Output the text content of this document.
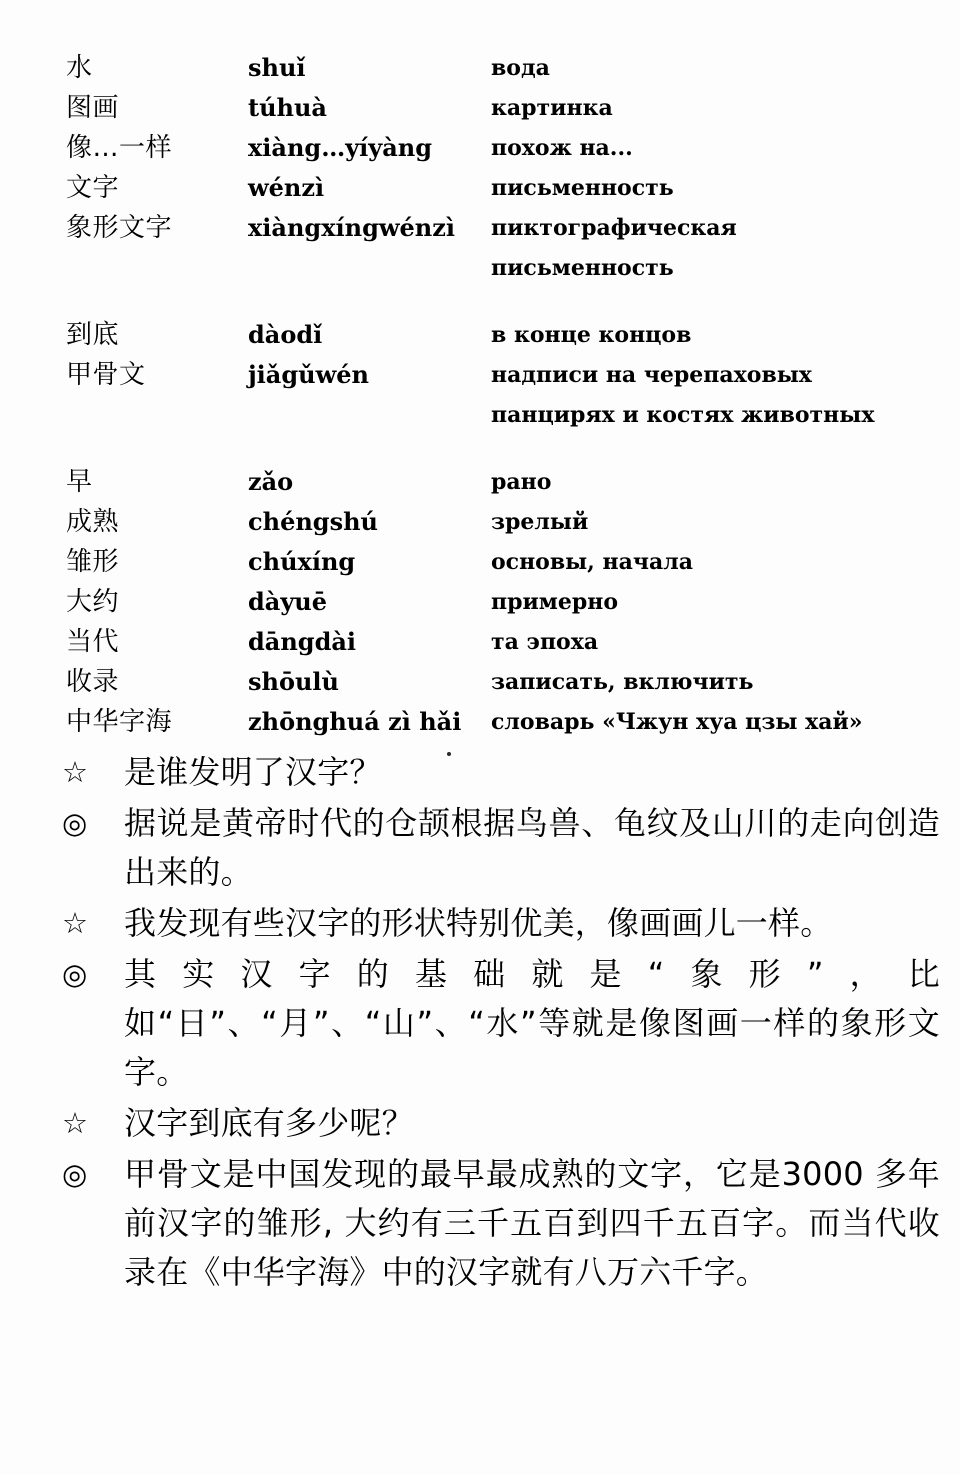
水	shuǐ	вода
图画	túhuà	картинка
像…一样	xiàng…yíyàng	похож на...
文字	wénzì	письменность
象形文字	xiàngxíngwénzì	пиктографическая
письменность
到底	dàodǐ	в конце концов
甲骨文	jiǎgǔwén	надписи на черепаховых
панцирях и костях животных
早	zǎo	рано
成熟	chéngshú	зрелый
雏形	chúxíng	основы, начала
大约	dàyuē	примерно
当代	dāngdài	та эпоха
收录	shōulù	записать, включить
中华字海	zhōnghuá zì hǎi	словарь «Чжун хуа цзы хай»
☆	是谁发明了汉字？
◎	据说是黄帝时代的仓颉根据鸟兽、龟纹及山川的走向创造出来的。
☆	我发现有些汉字的形状特别优美，像画画儿一样。
◎	其实汉字的基础就是“象形”，比如“日”、“月”、“山”、“水”等就是像图画一样的象形文字。
☆	汉字到底有多少呢？
◎	甲骨文是中国发现的最早最成熟的文字，它是3000 多年前汉字的雏形, 大约有三千五百到四千五百字。而当代收录在《中华字海》中的汉字就有八万六千字。
